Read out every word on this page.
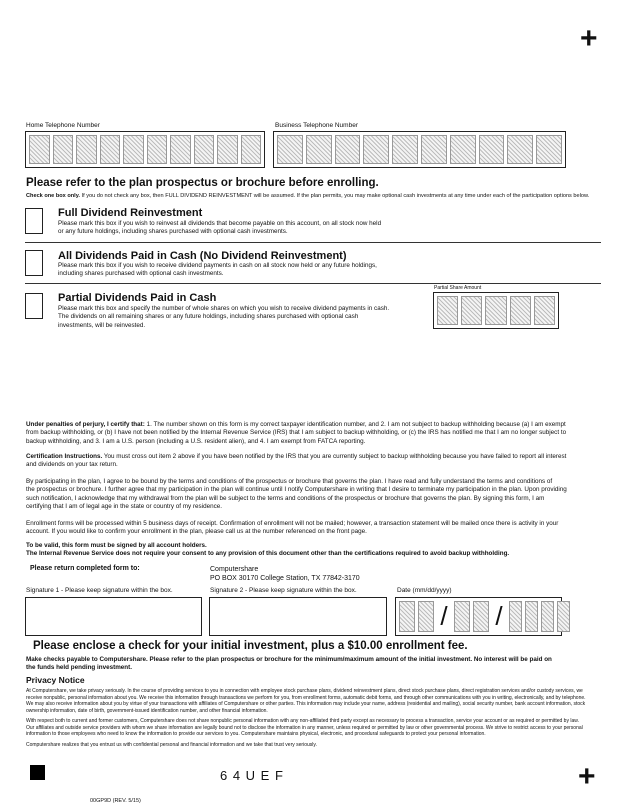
+
+
Home Telephone Number	Business Telephone Number
Please refer to the plan prospectus or brochure before enrolling.
Check one box only. If you do not check any box, then FULL DIVIDEND REINVESTMENT will be assumed. If the plan permits, you may make optional cash investments at any time under each of the participation options below.
Full Dividend Reinvestment
Please mark this box if you wish to reinvest all dividends that become payable on this account, on all stock now held
or any future holdings, including shares purchased with optional cash investments.
All Dividends Paid in Cash (No Dividend Reinvestment)
Please mark this box if you wish to receive dividend payments in cash on all stock now held or any future holdings,
including shares purchased with optional cash investments.
Partial Dividends Paid in Cash
Please mark this box and specify the number of whole shares on which you wish to receive dividend payments in cash.
The dividends on all remaining shares or any future holdings, including shares purchased with optional cash
investments, will be reinvested.
Partial Share Amount
Under penalties of perjury, I certify that: 1. The number shown on this form is my correct taxpayer identification number, and 2. I am not subject to backup withholding because (a) I am exempt
from backup withholding, or (b) I have not been notified by the Internal Revenue Service (IRS) that I am subject to backup withholding, or (c) the IRS has notified me that I am no longer subject to
backup withholding, and 3. I am a U.S. person (including a U.S. resident alien), and 4. I am exempt from FATCA reporting.
Certification Instructions. You must cross out item 2 above if you have been notified by the IRS that you are currently subject to backup withholding because you have failed to report all interest
and dividends on your tax return.
By participating in the plan, I agree to be bound by the terms and conditions of the prospectus or brochure that governs the plan. I have read and fully understand the terms and conditions of
the prospectus or brochure. I further agree that my participation in the plan will continue until I notify Computershare in writing that I desire to terminate my participation in the plan. Upon providing
such notification, I acknowledge that my withdrawal from the plan will be subject to the terms and conditions of the prospectus or brochure that governs the plan. By signing this form, I am
certifying that I am of legal age in the state or country of my residence.
Enrollment forms will be processed within 5 business days of receipt. Confirmation of enrollment will not be mailed; however, a transaction statement will be mailed once there is activity in your
account. If you would like to confirm your enrollment in the plan, please call us at the number referenced on the front page.
To be valid, this form must be signed by all account holders.
The Internal Revenue Service does not require your consent to any provision of this document other than the certifications required to avoid backup withholding.
Please return completed form to:	Computershare
PO BOX 30170 College Station, TX 77842-3170
Signature 1 - Please keep signature within the box.	Signature 2 - Please keep signature within the box.	Date (mm/dd/yyyy)
/ /
Please enclose a check for your initial investment, plus a $10.00 enrollment fee.
Make checks payable to Computershare. Please refer to the plan prospectus or brochure for the minimum/maximum amount of the initial investment. No interest will be paid on
the funds held pending investment.
Privacy Notice
At Computershare, we take privacy seriously. In the course of providing services to you in connection with employee stock purchase plans, dividend reinvestment plans, direct stock purchase plans, direct registration services and/or custody services, we
receive nonpublic, personal information about you. We receive this information through transactions we perform for you, from enrollment forms, automatic debit forms, and through other communications with you in writing, electronically, and by telephone.
We may also receive information about you by virtue of your transactions with affiliates of Computershare or other parties. This information may include your name, address (residential and mailing), social security number, bank account information, stock
ownership information, date of birth, government-issued identification number, and other financial information.
With respect both to current and former customers, Computershare does not share nonpublic personal information with any non-affiliated third party except as necessary to process a transaction, service your account or as required or permitted by law.
Our affiliates and outside service providers with whom we share information are legally bound not to disclose the information in any manner, unless required or permitted by law or other governmental process. We strive to restrict access to your personal
information to those employees who need to know the information to provide our services to you. Computershare maintains physical, electronic, and procedural safeguards to protect your personal information.
Computershare realizes that you entrust us with confidential personal and financial information and we take that trust very seriously.
6 4 U E F
00GP9D (REV. 5/15)
